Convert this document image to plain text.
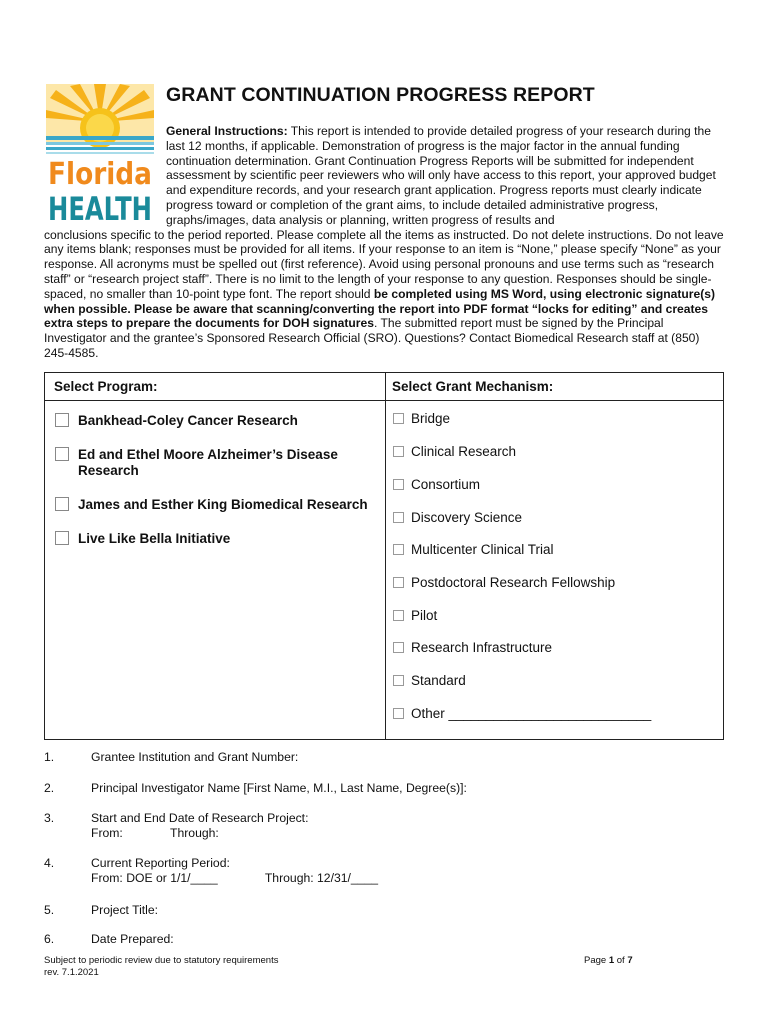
Florida
HEALTH
GRANT CONTINUATION PROGRESS REPORT
General Instructions: This report is intended to provide detailed progress of your research during the last 12 months, if applicable. Demonstration of progress is the major factor in the annual funding continuation determination. Grant Continuation Progress Reports will be submitted for independent assessment by scientific peer reviewers who will only have access to this report, your approved budget and expenditure records, and your research grant application. Progress reports must clearly indicate progress toward or completion of the grant aims, to include detailed administrative progress, graphs/images, data analysis or planning, written progress of results and
conclusions specific to the period reported. Please complete all the items as instructed. Do not delete instructions. Do not leave any items blank; responses must be provided for all items. If your response to an item is “None,” please specify “None” as your response. All acronyms must be spelled out (first reference). Avoid using personal pronouns and use terms such as “research staff” or “research project staff”. There is no limit to the length of your response to any question. Responses should be single-spaced, no smaller than 10-point type font. The report should be completed using MS Word, using electronic signature(s) when possible. Please be aware that scanning/converting the report into PDF format “locks for editing” and creates extra steps to prepare the documents for DOH signatures. The submitted report must be signed by the Principal Investigator and the grantee’s Sponsored Research Official (SRO). Questions? Contact Biomedical Research staff at (850) 245-4585.
Select Program:	Select Grant Mechanism:
Bankhead-Coley Cancer Research
Ed and Ethel Moore Alzheimer’s Disease Research
James and Esther King Biomedical Research
Live Like Bella Initiative
Bridge
Clinical Research
Consortium
Discovery Science
Multicenter Clinical Trial
Postdoctoral Research Fellowship
Pilot
Research Infrastructure
Standard
Other ___________________________
1.	Grantee Institution and Grant Number:
2.	Principal Investigator Name [First Name, M.I., Last Name, Degree(s)]:
3.	Start and End Date of Research Project:
From:              Through:
4.	Current Reporting Period:
From: DOE or 1/1/____              Through: 12/31/____
5.	Project Title:
6.	Date Prepared:
Subject to periodic review due to statutory requirements
rev. 7.1.2021
Page 1 of 7
